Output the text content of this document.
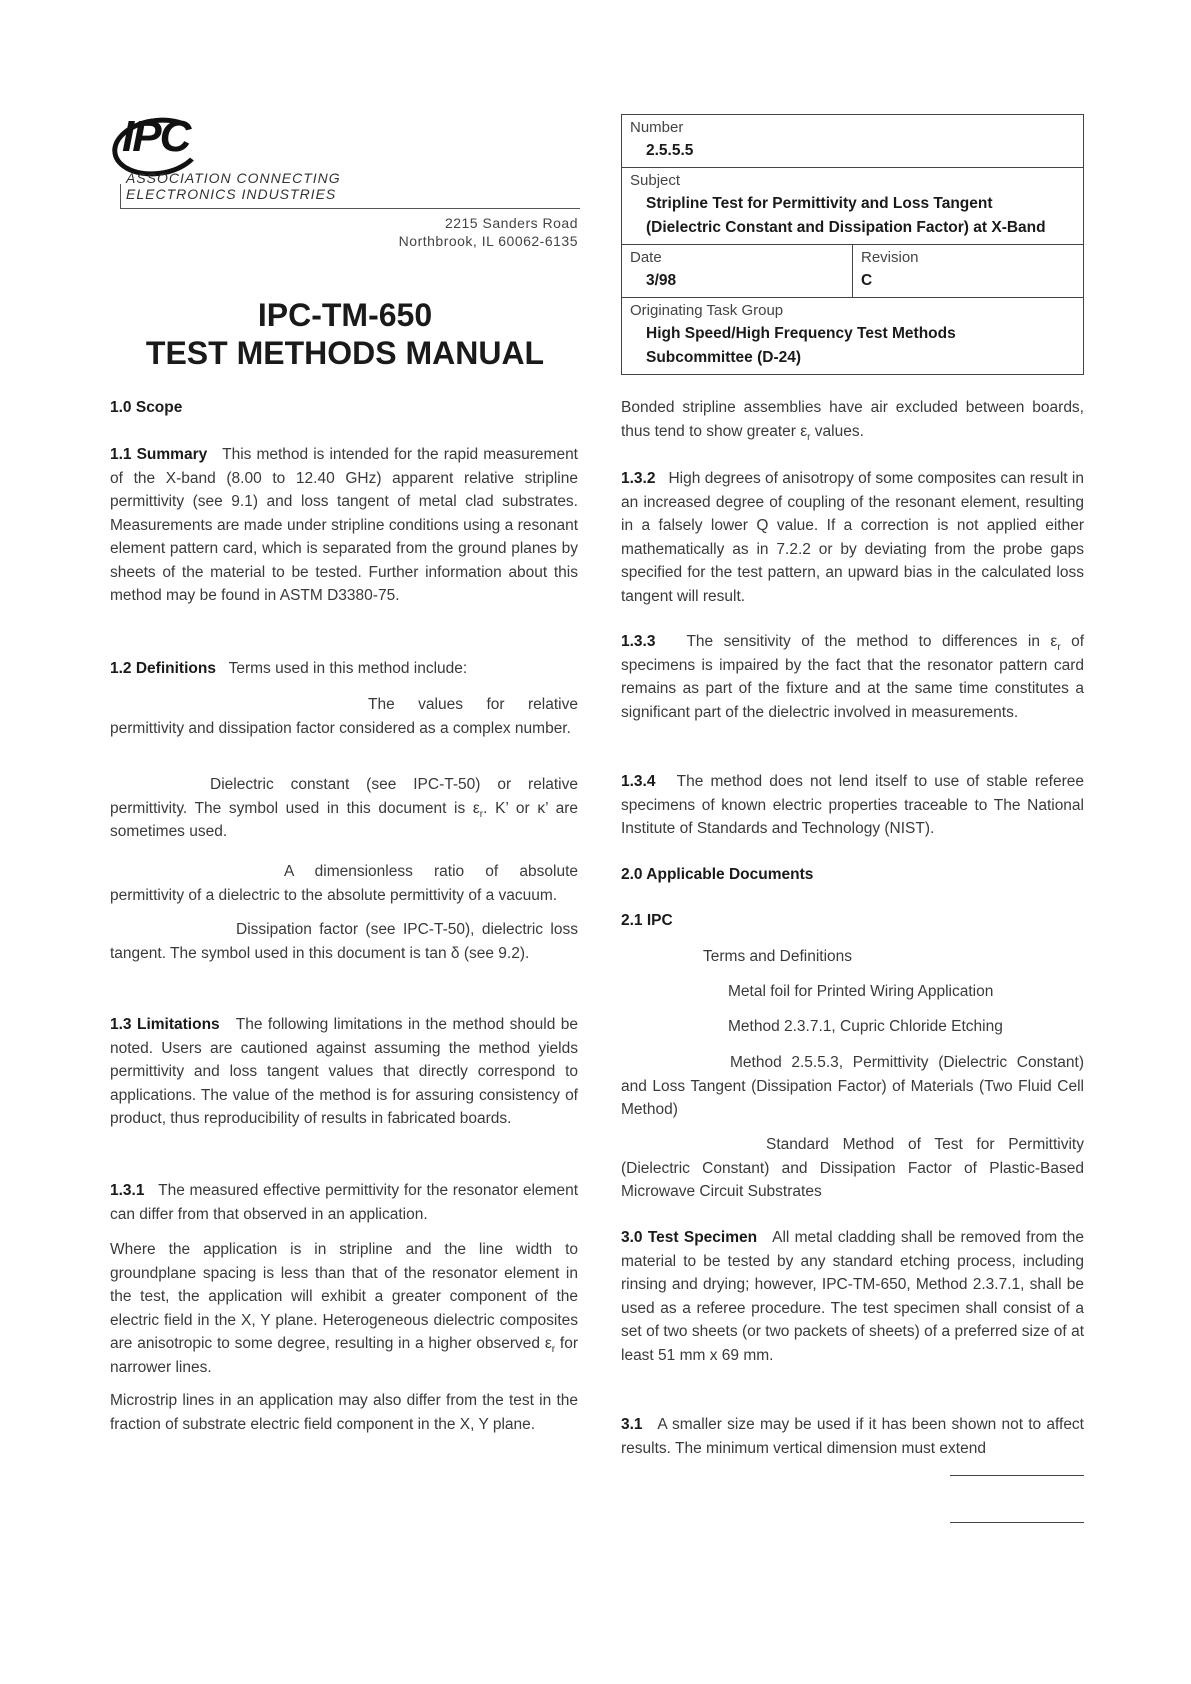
IPC
ASSOCIATION CONNECTING
ELECTRONICS INDUSTRIES
2215 Sanders Road
Northbrook, IL 60062-6135
IPC-TM-650
TEST METHODS MANUAL
Number
2.5.5.5

Subject
Stripline Test for Permittivity and Loss Tangent
(Dielectric Constant and Dissipation Factor) at X-Band

Date
3/98

Revision
C

Originating Task Group
High Speed/High Frequency Test Methods
Subcommittee (D-24)

1.0 Scope

1.1 Summary This method is intended for the rapid measurement of the X-band (8.00 to 12.40 GHz) apparent relative stripline permittivity (see 9.1) and loss tangent of metal clad substrates. Measurements are made under stripline conditions using a resonant element pattern card, which is separated from the ground planes by sheets of the material to be tested. Further information about this method may be found in ASTM D3380-75.

1.2 Definitions Terms used in this method include:

The values for relative permittivity and dissipation factor considered as a complex number.

Dielectric constant (see IPC-T-50) or relative permittivity. The symbol used in this document is $\varepsilon_r$. K’ or κ’ are sometimes used.

A dimensionless ratio of absolute permittivity of a dielectric to the absolute permittivity of a vacuum.

Dissipation factor (see IPC-T-50), dielectric loss tangent. The symbol used in this document is tan δ (see 9.2).

1.3 Limitations The following limitations in the method should be noted. Users are cautioned against assuming the method yields permittivity and loss tangent values that directly correspond to applications. The value of the method is for assuring consistency of product, thus reproducibility of results in fabricated boards.

1.3.1 The measured effective permittivity for the resonator element can differ from that observed in an application.

Where the application is in stripline and the line width to groundplane spacing is less than that of the resonator element in the test, the application will exhibit a greater component of the electric field in the X, Y plane. Heterogeneous dielectric composites are anisotropic to some degree, resulting in a higher observed $\varepsilon_r$ for narrower lines.

Microstrip lines in an application may also differ from the test in the fraction of substrate electric field component in the X, Y plane.

Bonded stripline assemblies have air excluded between boards, thus tend to show greater $\varepsilon_r$ values.

1.3.2 High degrees of anisotropy of some composites can result in an increased degree of coupling of the resonant element, resulting in a falsely lower Q value. If a correction is not applied either mathematically as in 7.2.2 or by deviating from the probe gaps specified for the test pattern, an upward bias in the calculated loss tangent will result.

1.3.3 The sensitivity of the method to differences in $\varepsilon_r$ of specimens is impaired by the fact that the resonator pattern card remains as part of the fixture and at the same time constitutes a significant part of the dielectric involved in measurements.

1.3.4 The method does not lend itself to use of stable referee specimens of known electric properties traceable to The National Institute of Standards and Technology (NIST).

2.0 Applicable Documents

2.1 IPC

Terms and Definitions

Metal foil for Printed Wiring Application

Method 2.3.7.1, Cupric Chloride Etching

Method 2.5.5.3, Permittivity (Dielectric Constant) and Loss Tangent (Dissipation Factor) of Materials (Two Fluid Cell Method)

Standard Method of Test for Permittivity (Dielectric Constant) and Dissipation Factor of Plastic-Based Microwave Circuit Substrates

3.0 Test Specimen All metal cladding shall be removed from the material to be tested by any standard etching process, including rinsing and drying; however, IPC-TM-650, Method 2.3.7.1, shall be used as a referee procedure. The test specimen shall consist of a set of two sheets (or two packets of sheets) of a preferred size of at least 51 mm x 69 mm.

3.1 A smaller size may be used if it has been shown not to affect results. The minimum vertical dimension must extend
